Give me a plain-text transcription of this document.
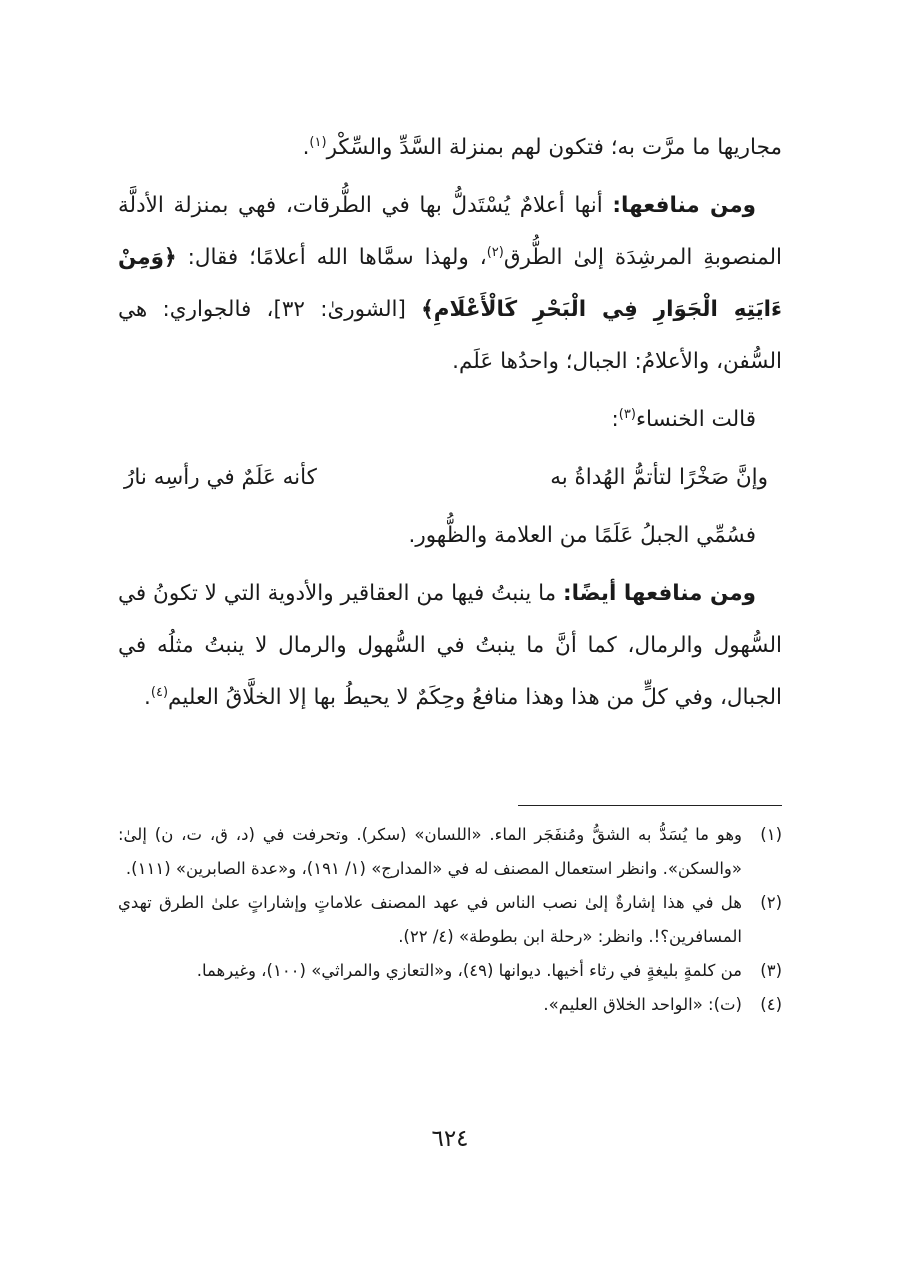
مجاريها ما مرَّت به؛ فتكون لهم بمنزلة السَّدِّ والسِّكْر$^{(١)}$.

ومن منافعها: أنها أعلامٌ يُسْتَدلُّ بها في الطُّرقات، فهي بمنزلة الأدلَّة المنصوبةِ المرشِدَة إلىٰ الطُّرق$^{(٢)}$، ولهذا سمَّاها الله أعلامًا؛ فقال: ﴿وَمِنْ ءَايَتِهِ الْجَوَارِ فِي الْبَحْرِ كَالْأَعْلَامِ﴾ [الشورىٰ: ٣٢]، فالجواري: هي السُّفن، والأعلامُ: الجبال؛ واحدُها عَلَم.

قالت الخنساء$^{(٣)}$:

وإنَّ صَخْرًا لتأتمُّ الهُداةُ به
كأنه عَلَمٌ في رأسِه نارُ

فسُمِّي الجبلُ عَلَمًا من العلامة والظُّهور.

ومن منافعها أيضًا: ما ينبتُ فيها من العقاقير والأدوية التي لا تكونُ في السُّهول والرمال، كما أنَّ ما ينبتُ في السُّهول والرمال لا ينبتُ مثلُه في الجبال، وفي كلٍّ من هذا وهذا منافعُ وحِكَمٌ لا يحيطُ بها إلا الخلَّاقُ العليم$^{(٤)}$.

(١)
وهو ما يُسَدُّ به الشقُّ ومُنفَجَر الماء. «اللسان» (سكر). وتحرفت في (د، ق، ت، ن) إلىٰ: «والسكن». وانظر استعمال المصنف له في «المدارج» (١/ ١٩١)، و«عدة الصابرين» (١١١).
(٢)
هل في هذا إشارةٌ إلىٰ نصب الناس في عهد المصنف علاماتٍ وإشاراتٍ علىٰ الطرق تهدي المسافرين؟!. وانظر: «رحلة ابن بطوطة» (٤/ ٢٢).
(٣)
من كلمةٍ بليغةٍ في رثاء أخيها. ديوانها (٤٩)، و«التعازي والمراثي» (١٠٠)، وغيرهما.
(٤)
(ت): «الواحد الخلاق العليم».
٦٢٤
